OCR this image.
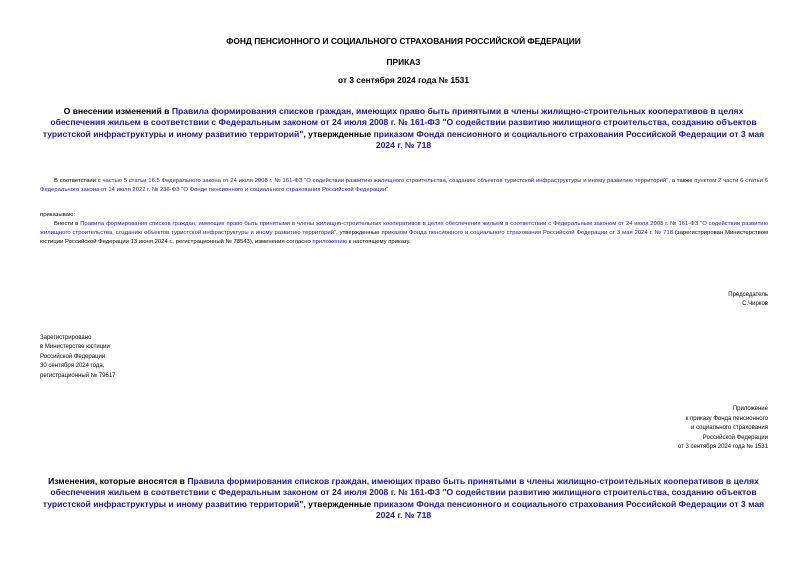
ФОНД ПЕНСИОННОГО И СОЦИАЛЬНОГО СТРАХОВАНИЯ РОССИЙСКОЙ ФЕДЕРАЦИИ
ПРИКАЗ
от 3 сентября 2024 года № 1531
О внесении изменений в Правила формирования списков граждан, имеющих право быть принятыми в члены жилищно-строительных кооперативов в целях обеспечения жильем в соответствии с Федеральным законом от 24 июля 2008 г. № 161-ФЗ "О содействии развитию жилищного строительства, созданию объектов туристской инфраструктуры и иному развитию территорий", утвержденные приказом Фонда пенсионного и социального страхования Российской Федерации от 3 мая 2024 г. № 718
В соответствии с частью 5 статьи 16.5 Федерального закона от 24 июля 2008 г. № 161-ФЗ "О содействии развитию жилищного строительства, созданию объектов туристской инфраструктуры и иному развитию территорий", а также пунктом 2 части 6 статьи 6 Федерального закона от 14 июля 2022 г. № 236-ФЗ "О Фонде пенсионного и социального страхования Российской Федерации"
приказываю:
Внести в Правила формирования списков граждан, имеющих право быть принятыми в члены жилищно-строительных кооперативов в целях обеспечения жильем в соответствии с Федеральным законом от 24 июля 2008 г. № 161-ФЗ "О содействии развитию жилищного строительства, созданию объектов туристской инфраструктуры и иному развитию территорий", утвержденные приказом Фонда пенсионного и социального страхования Российской Федерации от 3 мая 2024 г. № 718 (зарегистрирован Министерством юстиции Российской Федерации 13 июня 2024 г., регистрационный № 78543), изменения согласно приложению к настоящему приказу.
Председатель
С.Чирков
Зарегистрировано
в Министерстве юстиции
Российской Федерации
30 сентября 2024 года,
регистрационный № 79617
Приложение
к приказу Фонда пенсионного
и социального страхования
Российской Федерации
от 3 сентября 2024 года № 1531
Изменения, которые вносятся в Правила формирования списков граждан, имеющих право быть принятыми в члены жилищно-строительных кооперативов в целях обеспечения жильем в соответствии с Федеральным законом от 24 июля 2008 г. № 161-ФЗ "О содействии развитию жилищного строительства, созданию объектов туристской инфраструктуры и иному развитию территорий", утвержденные приказом Фонда пенсионного и социального страхования Российской Федерации от 3 мая 2024 г. № 718
